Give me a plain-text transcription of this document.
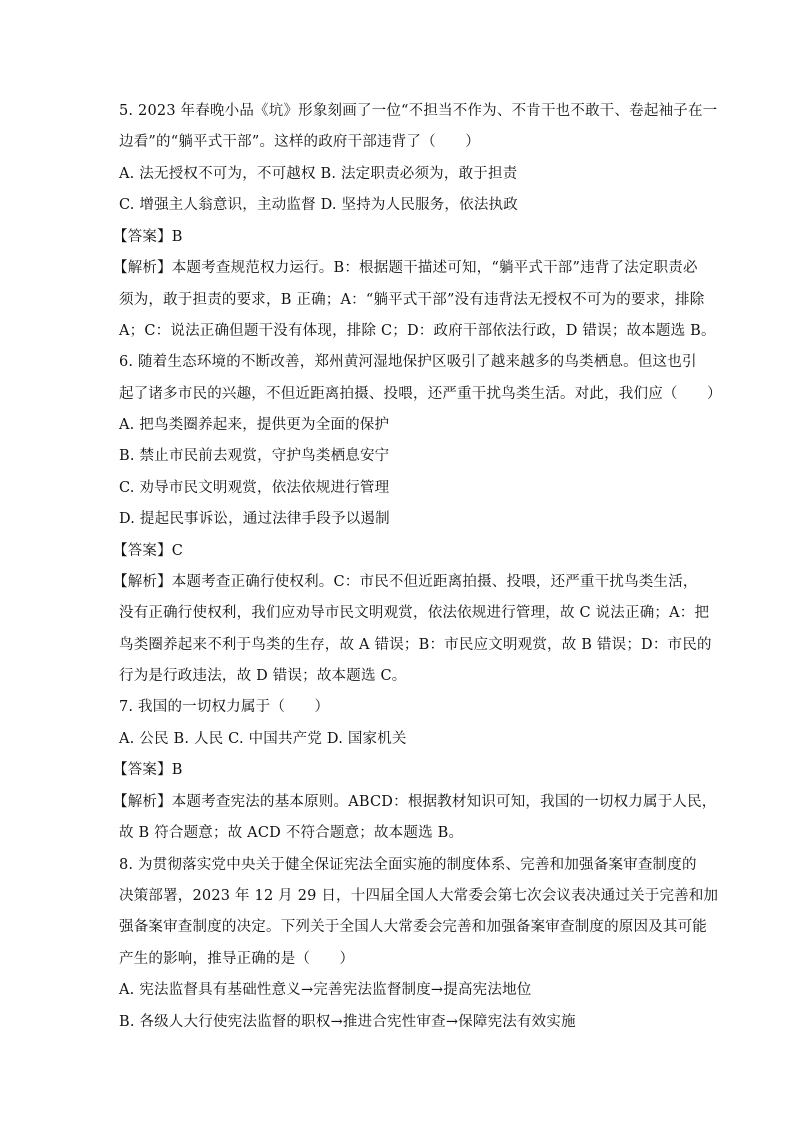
5. 2023 年春晚小品《坑》形象刻画了一位“不担当不作为、不肯干也不敢干、卷起袖子在一
边看”的“躺平式干部”。这样的政府干部违背了（　　）
A. 法无授权不可为，不可越权 B. 法定职责必须为，敢于担责
C. 增强主人翁意识，主动监督 D. 坚持为人民服务，依法执政
【答案】B
【解析】本题考查规范权力运行。B：根据题干描述可知，“躺平式干部”违背了法定职责必
须为，敢于担责的要求，B 正确；A：“躺平式干部”没有违背法无授权不可为的要求，排除
A；C：说法正确但题干没有体现，排除 C；D：政府干部依法行政，D 错误；故本题选 B。
6. 随着生态环境的不断改善，郑州黄河湿地保护区吸引了越来越多的鸟类栖息。但这也引
起了诸多市民的兴趣，不但近距离拍摄、投喂，还严重干扰鸟类生活。对此，我们应（　　）
A. 把鸟类圈养起来，提供更为全面的保护
B. 禁止市民前去观赏，守护鸟类栖息安宁
C. 劝导市民文明观赏，依法依规进行管理
D. 提起民事诉讼，通过法律手段予以遏制
【答案】C
【解析】本题考查正确行使权利。C：市民不但近距离拍摄、投喂，还严重干扰鸟类生活，
没有正确行使权利，我们应劝导市民文明观赏，依法依规进行管理，故 C 说法正确；A：把
鸟类圈养起来不利于鸟类的生存，故 A 错误；B：市民应文明观赏，故 B 错误；D：市民的
行为是行政违法，故 D 错误；故本题选 C。
7. 我国的一切权力属于（　　）
A. 公民 B. 人民 C. 中国共产党 D. 国家机关
【答案】B
【解析】本题考查宪法的基本原则。ABCD：根据教材知识可知，我国的一切权力属于人民，
故 B 符合题意；故 ACD 不符合题意；故本题选 B。
8. 为贯彻落实党中央关于健全保证宪法全面实施的制度体系、完善和加强备案审查制度的
决策部署，2023 年 12 月 29 日，十四届全国人大常委会第七次会议表决通过关于完善和加
强备案审查制度的决定。下列关于全国人大常委会完善和加强备案审查制度的原因及其可能
产生的影响，推导正确的是（　　）
A. 宪法监督具有基础性意义→完善宪法监督制度→提高宪法地位
B. 各级人大行使宪法监督的职权→推进合宪性审查→保障宪法有效实施
